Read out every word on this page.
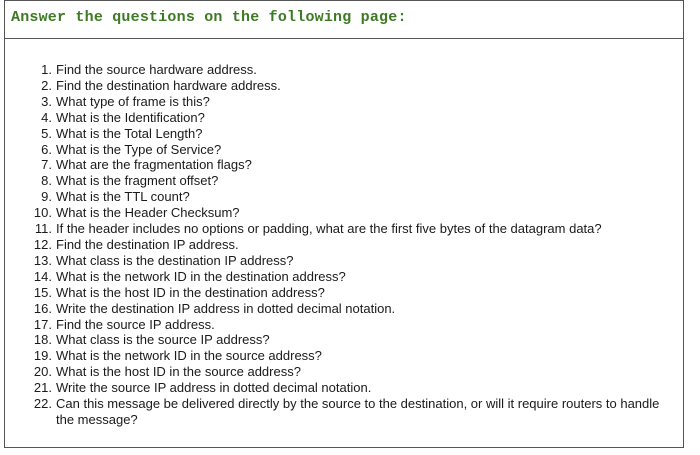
Answer the questions on the following page:
1. Find the source hardware address.
2. Find the destination hardware address.
3. What type of frame is this?
4. What is the Identification?
5. What is the Total Length?
6. What is the Type of Service?
7. What are the fragmentation flags?
8. What is the fragment offset?
9. What is the TTL count?
10. What is the Header Checksum?
11. If the header includes no options or padding, what are the first five bytes of the datagram data?
12. Find the destination IP address.
13. What class is the destination IP address?
14. What is the network ID in the destination address?
15. What is the host ID in the destination address?
16. Write the destination IP address in dotted decimal notation.
17. Find the source IP address.
18. What class is the source IP address?
19. What is the network ID in the source address?
20. What is the host ID in the source address?
21. Write the source IP address in dotted decimal notation.
22. Can this message be delivered directly by the source to the destination, or will it require routers to handle the message?
